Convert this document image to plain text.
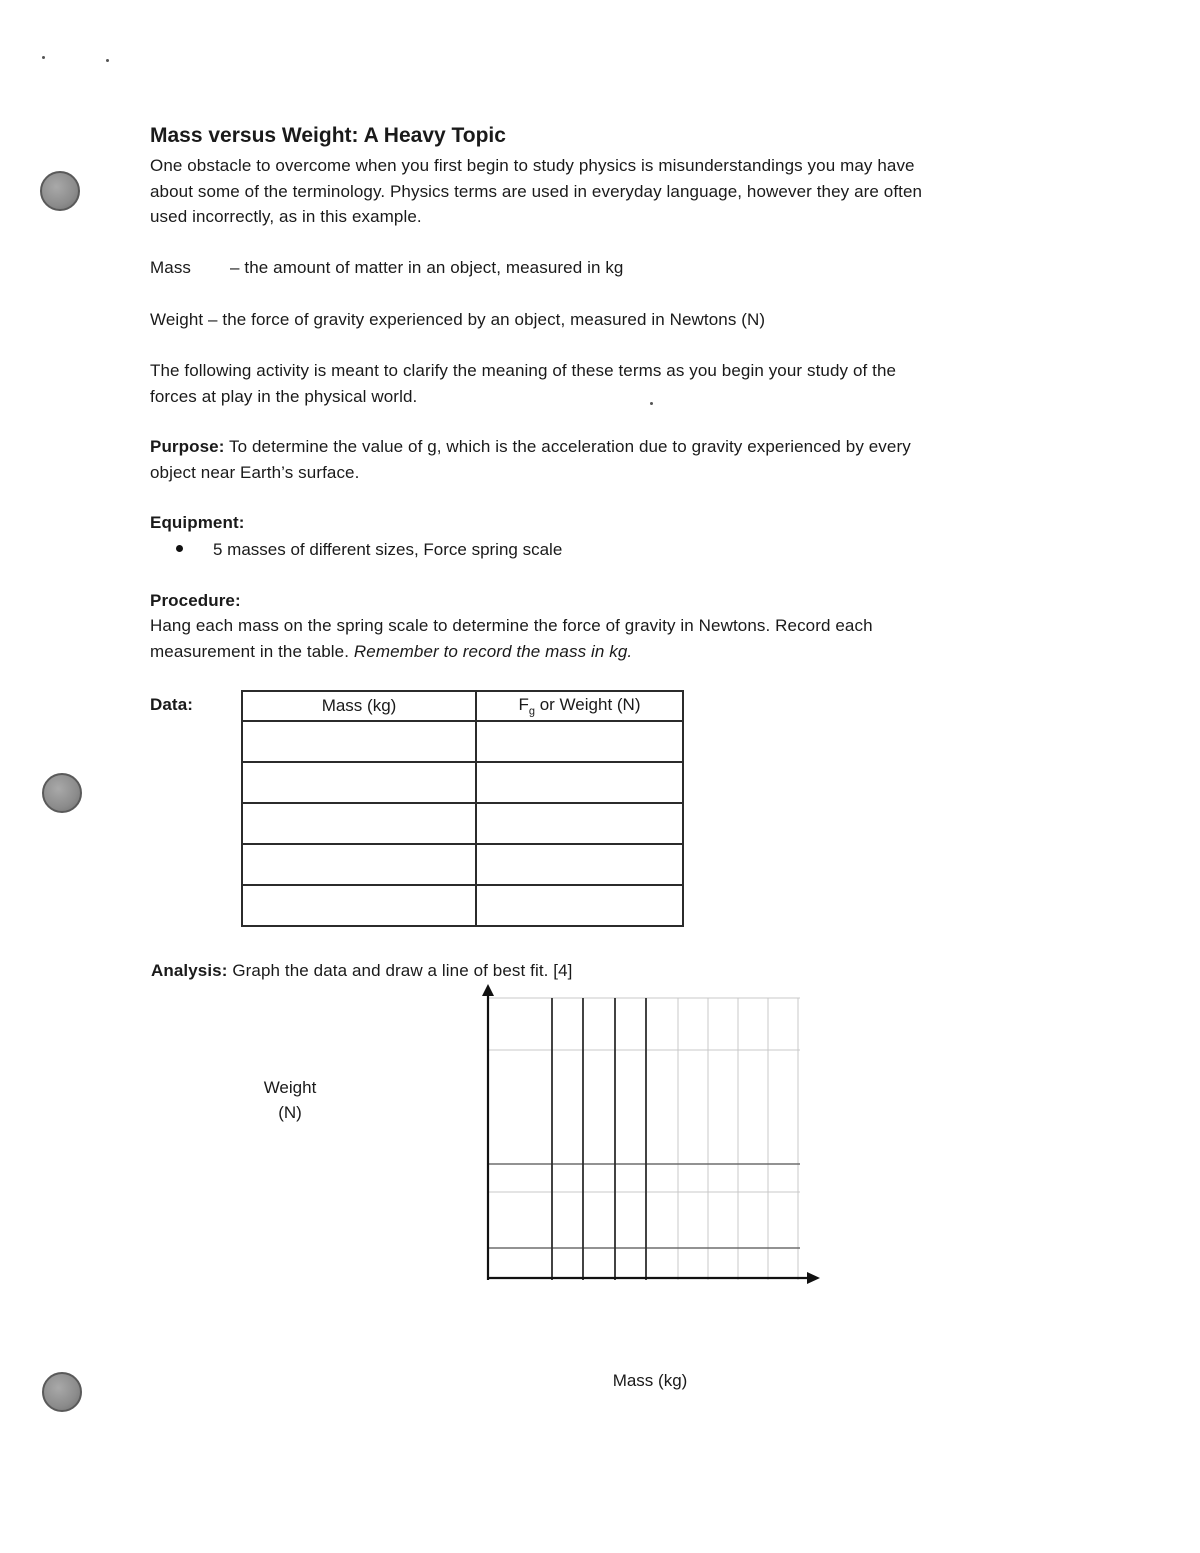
Mass versus Weight: A Heavy Topic
One obstacle to overcome when you first begin to study physics is misunderstandings you may have
about some of the terminology. Physics terms are used in everyday language, however they are often
used incorrectly, as in this example.
Mass – the amount of matter in an object, measured in kg
Weight – the force of gravity experienced by an object, measured in Newtons (N)
The following activity is meant to clarify the meaning of these terms as you begin your study of the
forces at play in the physical world.
Purpose: To determine the value of g, which is the acceleration due to gravity experienced by every
object near Earth’s surface.
Equipment:
5 masses of different sizes, Force spring scale
Procedure:
Hang each mass on the spring scale to determine the force of gravity in Newtons. Record each
measurement in the table. Remember to record the mass in kg.
Data:	Mass (kg)	$F_g$ or Weight (N)

Analysis: Graph the data and draw a line of best fit. [4]
Weight
(N)
Mass (kg)
